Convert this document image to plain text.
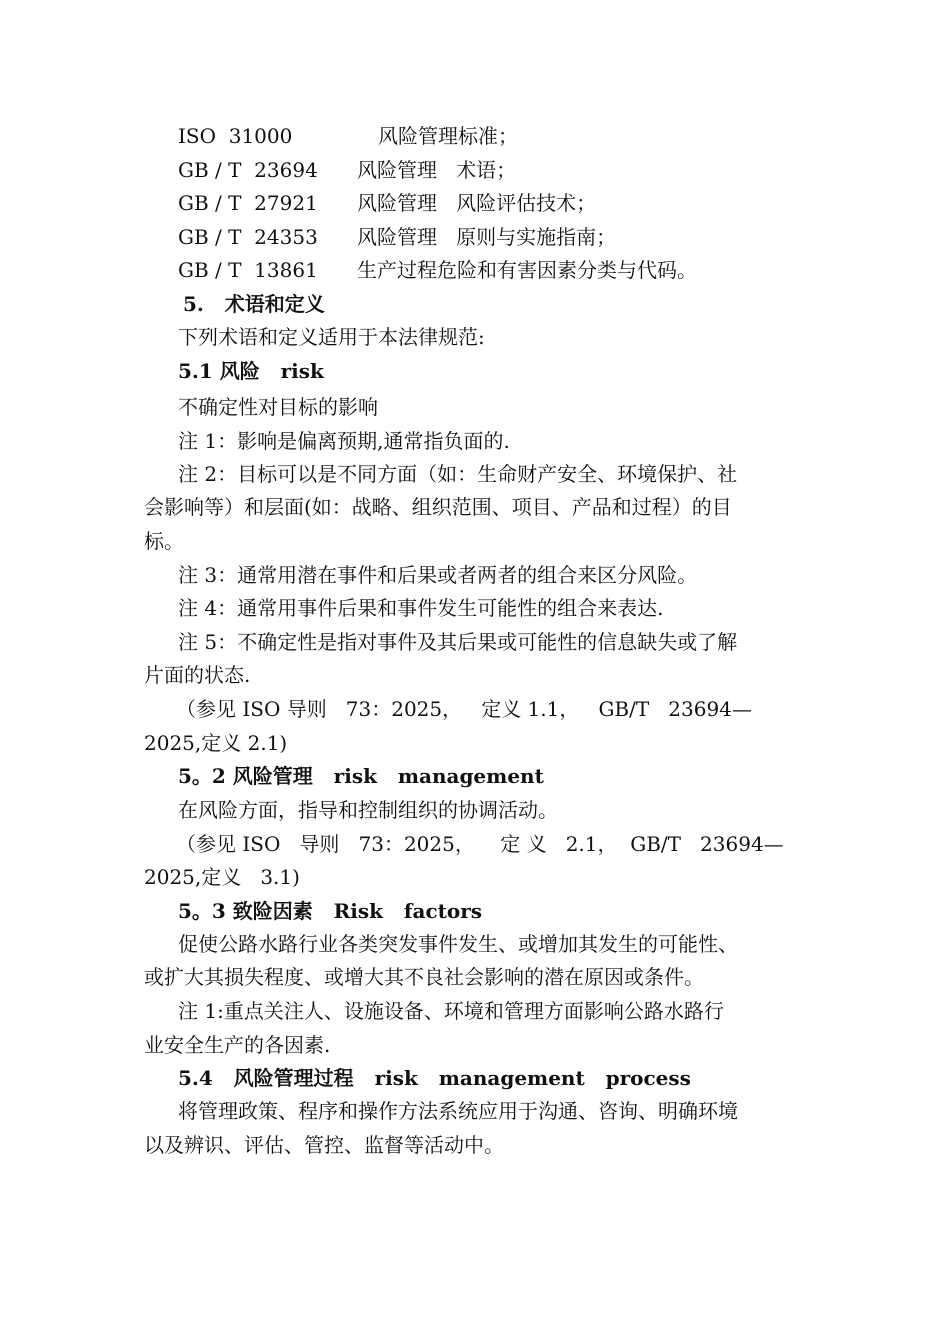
ISO  31000	风险管理标准；
GB / T  23694 风险管理   术语；
GB / T  27921 风险管理   风险评估技术；
GB / T  24353 风险管理   原则与实施指南；
GB / T  13861 生产过程危险和有害因素分类与代码。
5.   术语和定义
下列术语和定义适用于本法律规范:
5.1 风险   risk
不确定性对目标的影响
注 1：影响是偏离预期,通常指负面的.
注 2：目标可以是不同方面（如：生命财产安全、环境保护、社
会影响等）和层面(如：战略、组织范围、项目、产品和过程）的目
标。
注 3：通常用潜在事件和后果或者两者的组合来区分风险。
注 4：通常用事件后果和事件发生可能性的组合来表达.
注 5：不确定性是指对事件及其后果或可能性的信息缺失或了解
片面的状态.
（参见 ISO 导则   73：2025，   定义 1.1，   GB/T   23694—
2025,定义 2.1)
5。2 风险管理   risk   management
在风险方面，指导和控制组织的协调活动。
（参见 ISO   导则   73：2025，    定 义   2.1，  GB/T   23694—
2025,定义   3.1)
5。3 致险因素   Risk   factors
促使公路水路行业各类突发事件发生、或增加其发生的可能性、
或扩大其损失程度、或增大其不良社会影响的潜在原因或条件。
注 1:重点关注人、设施设备、环境和管理方面影响公路水路行
业安全生产的各因素.
5.4   风险管理过程   risk   management   process
将管理政策、程序和操作方法系统应用于沟通、咨询、明确环境
以及辨识、评估、管控、监督等活动中。
